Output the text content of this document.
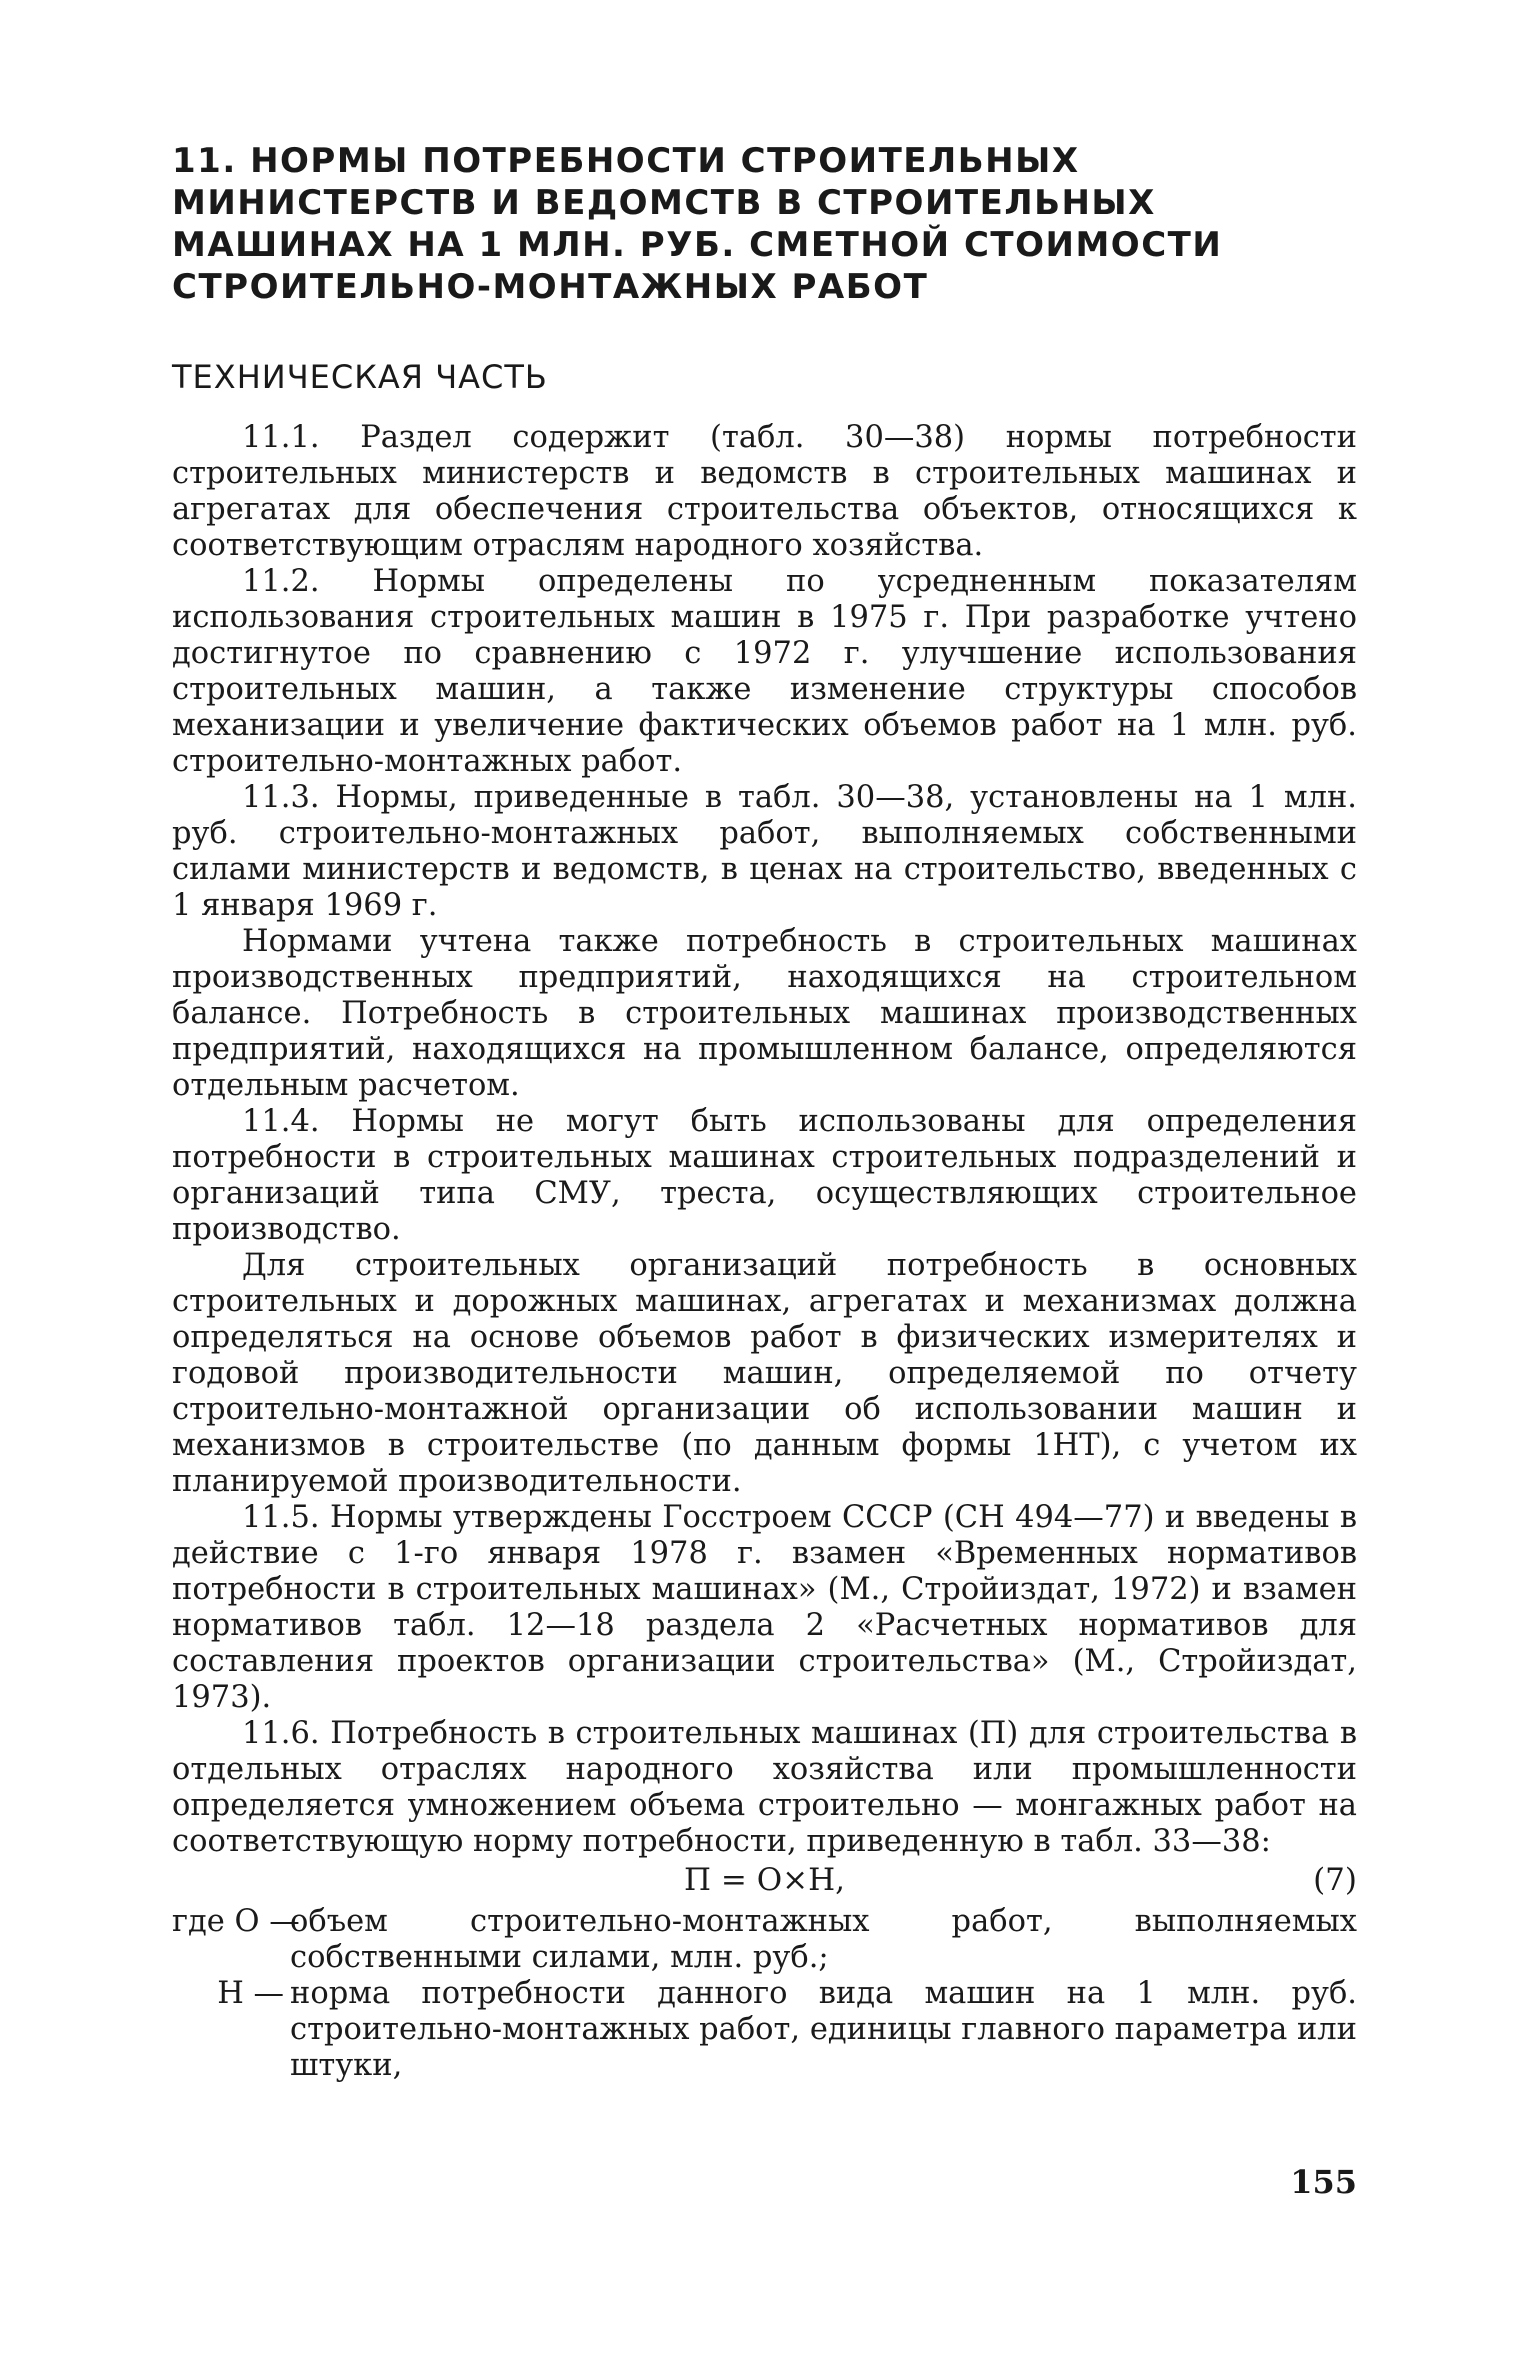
11. НОРМЫ ПОТРЕБНОСТИ СТРОИТЕЛЬНЫХ МИНИСТЕРСТВ И ВЕДОМСТВ В СТРОИТЕЛЬНЫХ МАШИНАХ НА 1 МЛН. РУБ. СМЕТНОЙ СТОИМОСТИ СТРОИТЕЛЬНО-МОНТАЖНЫХ РАБОТ
ТЕХНИЧЕСКАЯ ЧАСТЬ

11.1. Раздел содержит (табл. 30—38) нормы потребности строительных министерств и ведомств в строительных машинах и агрегатах для обеспечения строительства объектов, относящихся к соответствующим отраслям народного хозяйства.

11.2. Нормы определены по усредненным показателям использования строительных машин в 1975 г. При разработке учтено достигнутое по сравнению с 1972 г. улучшение использования строительных машин, а также изменение структуры способов механизации и увеличение фактических объемов работ на 1 млн. руб. строительно-монтажных работ.

11.3. Нормы, приведенные в табл. 30—38, установлены на 1 млн. руб. строительно-монтажных работ, выполняемых собственными силами министерств и ведомств, в ценах на строительство, введенных с 1 января 1969 г.

Нормами учтена также потребность в строительных машинах производственных предприятий, находящихся на строительном балансе. Потребность в строительных машинах производственных предприятий, находящихся на промышленном балансе, определяются отдельным расчетом.

11.4. Нормы не могут быть использованы для определения потребности в строительных машинах строительных подразделений и организаций типа СМУ, треста, осуществляющих строительное производство.

Для строительных организаций потребность в основных строительных и дорожных машинах, агрегатах и механизмах должна определяться на основе объемов работ в физических измерителях и годовой производительности машин, определяемой по отчету строительно-монтажной организации об использовании машин и механизмов в строительстве (по данным формы 1НТ), с учетом их планируемой производительности.

11.5. Нормы утверждены Госстроем СССР (СН 494—77) и введены в действие с 1-го января 1978 г. взамен «Временных нормативов потребности в строительных машинах» (М., Стройиздат, 1972) и взамен нормативов табл. 12—18 раздела 2 «Расчетных нормативов для составления проектов организации строительства» (М., Стройиздат, 1973).

11.6. Потребность в строительных машинах (П) для строительства в отдельных отраслях народного хозяйства или промышленности определяется умножением объема строительно — монгажных работ на соответствующую норму потребности, приведенную в табл. 33—38:

П = О×Н,	(7)
где О —
объем строительно-монтажных работ, выполняемых собственными силами, млн. руб.;
Н — норма потребности данного вида машин на 1 млн. руб. строительно-монтажных работ, единицы главного параметра или штуки,
155
